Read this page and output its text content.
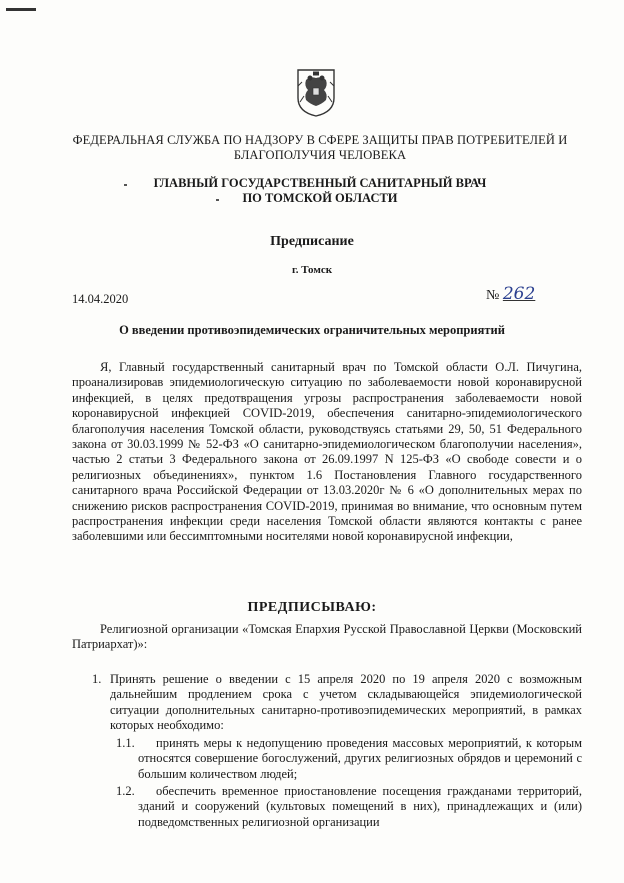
ФЕДЕРАЛЬНАЯ СЛУЖБА ПО НАДЗОРУ В СФЕРЕ ЗАЩИТЫ ПРАВ ПОТРЕБИТЕЛЕЙ И БЛАГОПОЛУЧИЯ ЧЕЛОВЕКА
ГЛАВНЫЙ ГОСУДАРСТВЕННЫЙ САНИТАРНЫЙ ВРАЧ
ПО ТОМСКОЙ ОБЛАСТИ
Предписание
г. Томск
14.04.2020	№ 262
О введении противоэпидемических ограничительных мероприятий
Я, Главный государственный санитарный врач по Томской области О.Л. Пичугина, проанализировав эпидемиологическую ситуацию по заболеваемости новой коронавирусной инфекцией, в целях предотвращения угрозы распространения заболеваемости новой коронавирусной инфекцией COVID-2019, обеспечения санитарно-эпидемиологического благополучия населения Томской области, руководствуясь статьями 29, 50, 51 Федерального закона от 30.03.1999 № 52-ФЗ «О санитарно-эпидемиологическом благополучии населения», частью 2 статьи 3 Федерального закона от 26.09.1997 N 125-ФЗ «О свободе совести и о религиозных объединениях», пунктом 1.6 Постановления Главного государственного санитарного врача Российской Федерации от 13.03.2020г № 6 «О дополнительных мерах по снижению рисков распространения COVID-2019, принимая во внимание, что основным путем распространения инфекции среди населения Томской области являются контакты с ранее заболевшими или бессимптомными носителями новой коронавирусной инфекции,
ПРЕДПИСЫВАЮ:
Религиозной организации «Томская Епархия Русской Православной Церкви (Московский Патриархат)»:
1. Принять решение о введении с 15 апреля 2020 по 19 апреля 2020 с возможным дальнейшим продлением срока с учетом складывающейся эпидемиологической ситуации дополнительных санитарно-противоэпидемических мероприятий, в рамках которых необходимо:
1.1.	принять меры к недопущению проведения массовых мероприятий, к которым относятся совершение богослужений, других религиозных обрядов и церемоний с большим количеством людей;
1.2.	обеспечить временное приостановление посещения гражданами территорий, зданий и сооружений (культовых помещений в них), принадлежащих и (или) подведомственных религиозной организации
